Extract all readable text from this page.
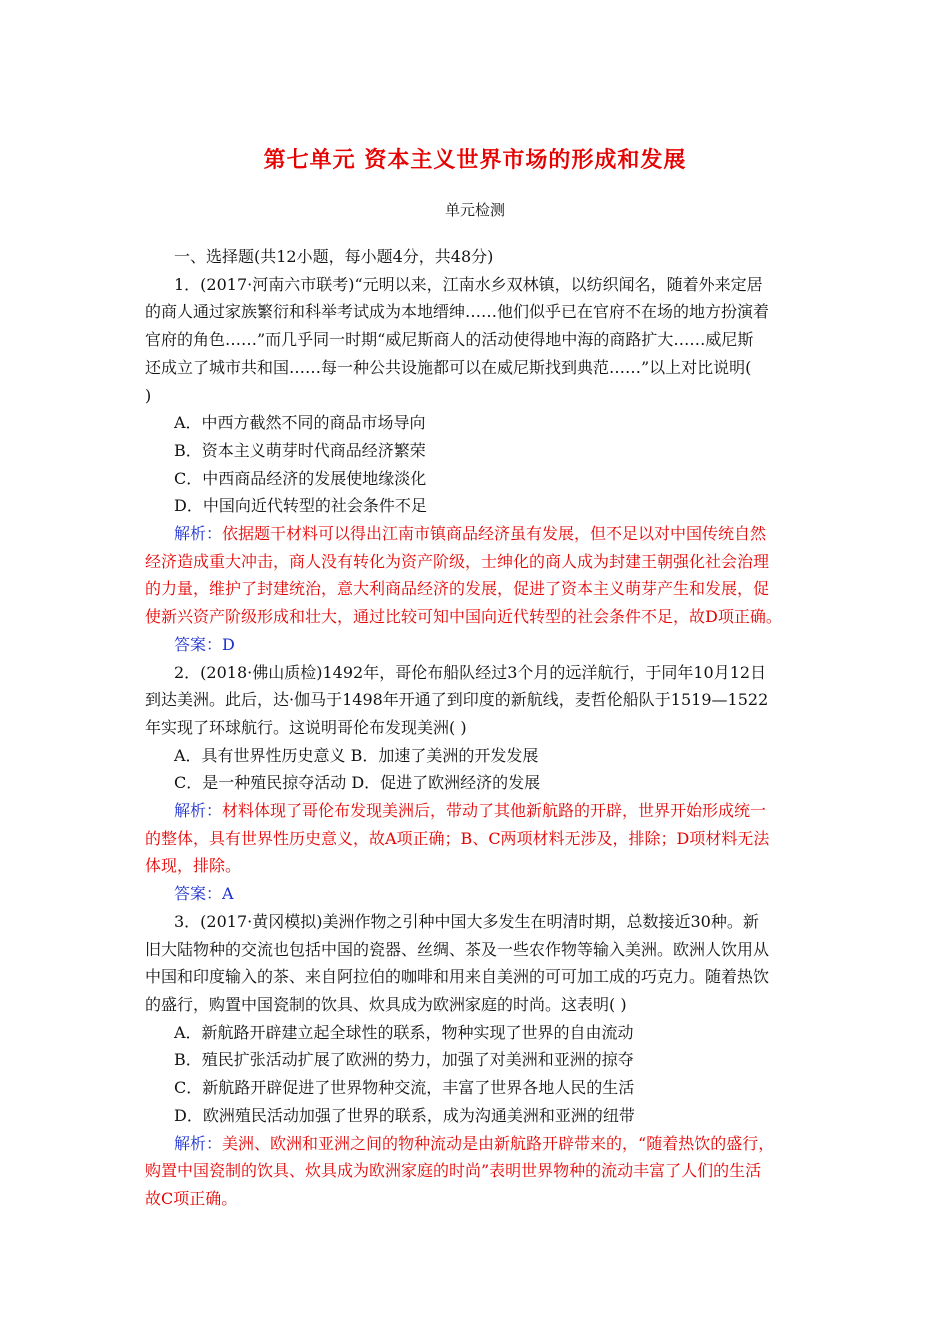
第七单元 资本主义世界市场的形成和发展
单元检测
一、选择题(共12小题，每小题4分，共48分)
1．(2017·河南六市联考)“元明以来，江南水乡双林镇，以纺织闻名，随着外来定居
的商人通过家族繁衍和科举考试成为本地缙绅……他们似乎已在官府不在场的地方扮演着
官府的角色……”而几乎同一时期“威尼斯商人的活动使得地中海的商路扩大……威尼斯
还成立了城市共和国……每一种公共设施都可以在威尼斯找到典范……”以上对比说明(
)
A．中西方截然不同的商品市场导向
B．资本主义萌芽时代商品经济繁荣
C．中西商品经济的发展使地缘淡化
D．中国向近代转型的社会条件不足
解析：依据题干材料可以得出江南市镇商品经济虽有发展，但不足以对中国传统自然
经济造成重大冲击，商人没有转化为资产阶级，士绅化的商人成为封建王朝强化社会治理
的力量，维护了封建统治，意大利商品经济的发展，促进了资本主义萌芽产生和发展，促
使新兴资产阶级形成和壮大，通过比较可知中国向近代转型的社会条件不足，故D项正确。
答案：D
2．(2018·佛山质检)1492年，哥伦布船队经过3个月的远洋航行，于同年10月12日
到达美洲。此后，达·伽马于1498年开通了到印度的新航线，麦哲伦船队于1519—1522
年实现了环球航行。这说明哥伦布发现美洲( )
A．具有世界性历史意义 B．加速了美洲的开发发展
C．是一种殖民掠夺活动 D．促进了欧洲经济的发展
解析：材料体现了哥伦布发现美洲后，带动了其他新航路的开辟，世界开始形成统一
的整体，具有世界性历史意义，故A项正确；B、C两项材料无涉及，排除；D项材料无法
体现，排除。
答案：A
3．(2017·黄冈模拟)美洲作物之引种中国大多发生在明清时期，总数接近30种。新
旧大陆物种的交流也包括中国的瓷器、丝绸、茶及一些农作物等输入美洲。欧洲人饮用从
中国和印度输入的茶、来自阿拉伯的咖啡和用来自美洲的可可加工成的巧克力。随着热饮
的盛行，购置中国瓷制的饮具、炊具成为欧洲家庭的时尚。这表明( )
A．新航路开辟建立起全球性的联系，物种实现了世界的自由流动
B．殖民扩张活动扩展了欧洲的势力，加强了对美洲和亚洲的掠夺
C．新航路开辟促进了世界物种交流，丰富了世界各地人民的生活
D．欧洲殖民活动加强了世界的联系，成为沟通美洲和亚洲的纽带
解析：美洲、欧洲和亚洲之间的物种流动是由新航路开辟带来的，“随着热饮的盛行，
购置中国瓷制的饮具、炊具成为欧洲家庭的时尚”表明世界物种的流动丰富了人们的生活
故C项正确。
